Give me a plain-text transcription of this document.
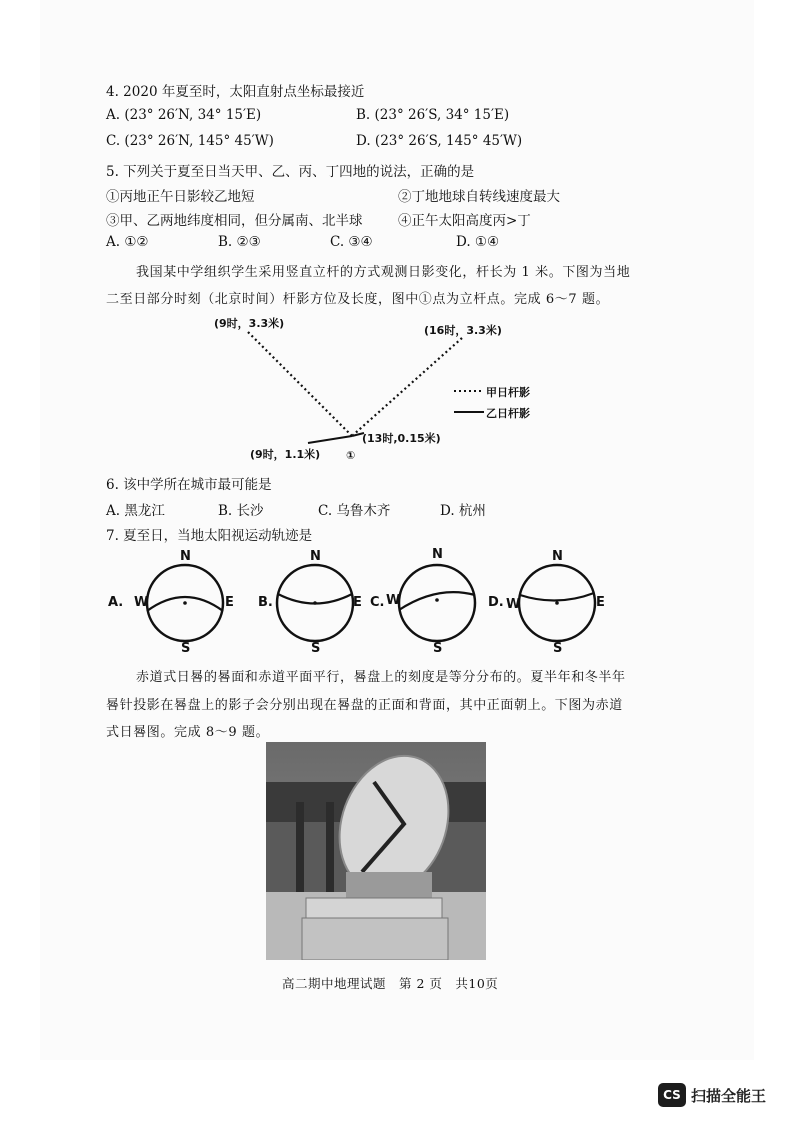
4. 2020 年夏至时，太阳直射点坐标最接近
A. (23° 26′N, 34° 15′E)	B. (23° 26′S, 34° 15′E)
C. (23° 26′N, 145° 45′W)	D. (23° 26′S, 145° 45′W)
5. 下列关于夏至日当天甲、乙、丙、丁四地的说法，正确的是
①丙地正午日影较乙地短	②丁地地球自转线速度最大
③甲、乙两地纬度相同，但分属南、北半球	④正午太阳高度丙>丁
A. ①②	B. ②③	C. ③④	D. ①④
我国某中学组织学生采用竖直立杆的方式观测日影变化，杆长为 1 米。下图为当地
二至日部分时刻（北京时间）杆影方位及长度，图中①点为立杆点。完成 6～7 题。
(9时，3.3米)
(16时，3.3米)
(9时，1.1米)
(13时,0.15米)
①
甲日杆影
乙日杆影
6. 该中学所在城市最可能是
A. 黑龙江	B. 长沙	C. 乌鲁木齐	D. 杭州
7. 夏至日，当地太阳视运动轨迹是
A.
N
S
W	E B.
N
S
E C.
N
S
W	D.
N
S
W	E
赤道式日晷的晷面和赤道平面平行，晷盘上的刻度是等分分布的。夏半年和冬半年
晷针投影在晷盘上的影子会分别出现在晷盘的正面和背面，其中正面朝上。下图为赤道
式日晷图。完成 8～9 题。
高二期中地理试题　第 2 页　共10页
CS 扫描全能王
